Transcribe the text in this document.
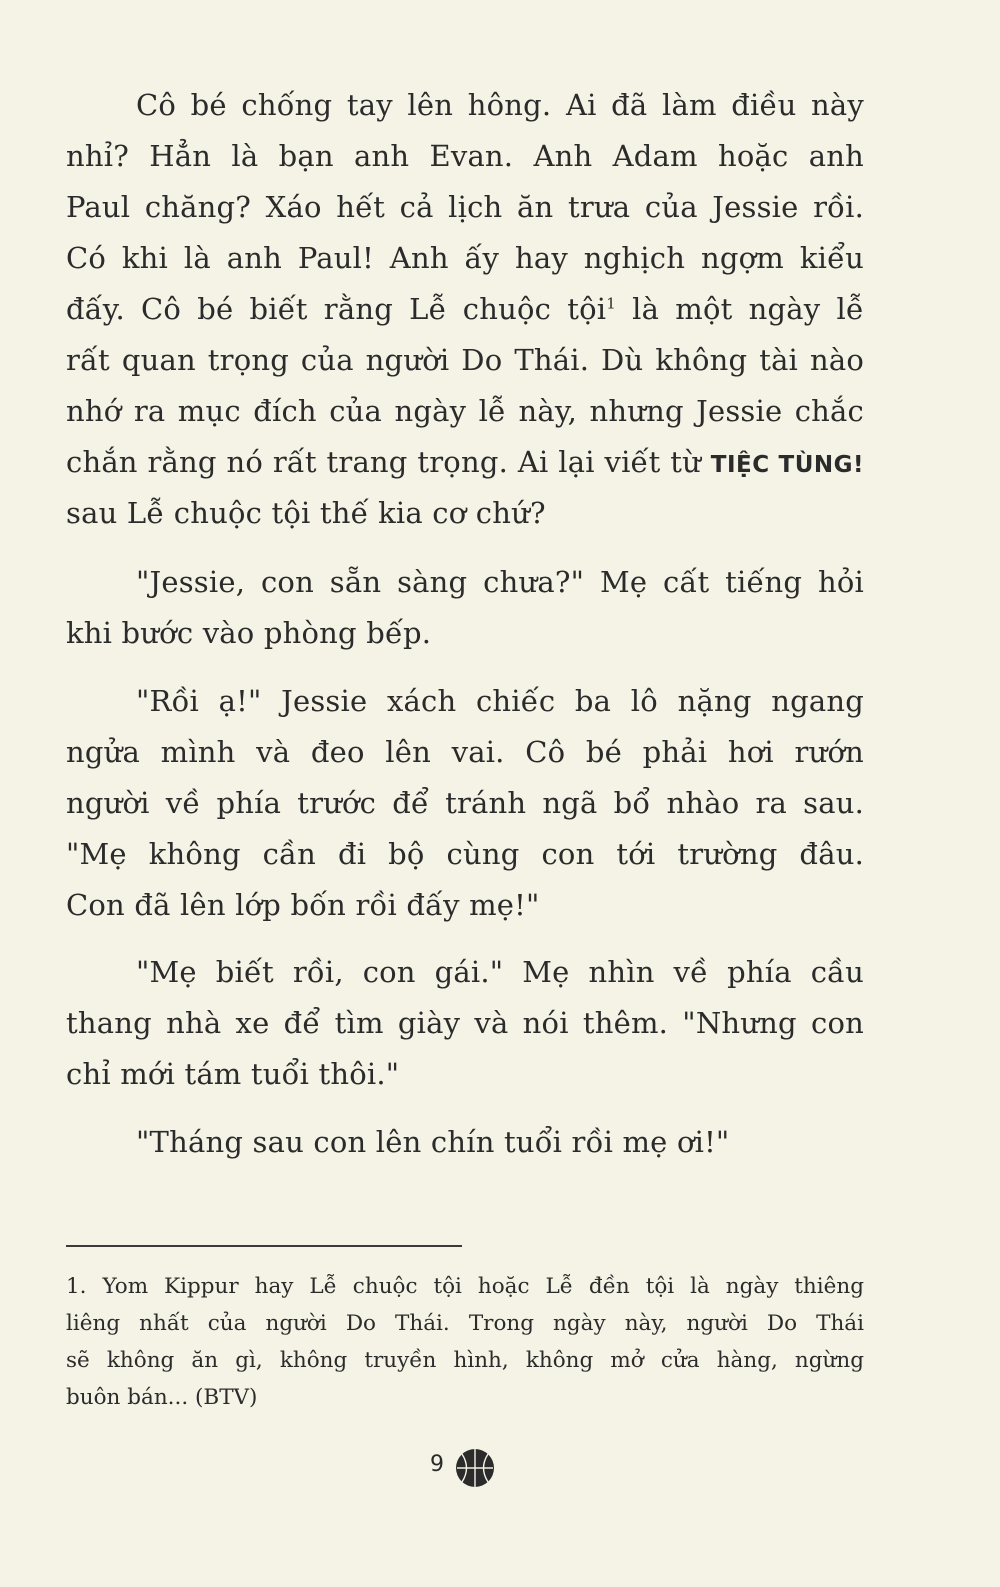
Cô bé chống tay lên hông. Ai đã làm điều này
nhỉ? Hẳn là bạn anh Evan. Anh Adam hoặc anh
Paul chăng? Xáo hết cả lịch ăn trưa của Jessie rồi.
Có khi là anh Paul! Anh ấy hay nghịch ngợm kiểu
đấy. Cô bé biết rằng Lễ chuộc tội$^1$ là một ngày lễ
rất quan trọng của người Do Thái. Dù không tài nào
nhớ ra mục đích của ngày lễ này, nhưng Jessie chắc
chắn rằng nó rất trang trọng. Ai lại viết từ TIỆC TÙNG!
sau Lễ chuộc tội thế kia cơ chứ?
"Jessie, con sẵn sàng chưa?" Mẹ cất tiếng hỏi
khi bước vào phòng bếp.
"Rồi ạ!" Jessie xách chiếc ba lô nặng ngang
ngửa mình và đeo lên vai. Cô bé phải hơi rướn
người về phía trước để tránh ngã bổ nhào ra sau.
"Mẹ không cần đi bộ cùng con tới trường đâu.
Con đã lên lớp bốn rồi đấy mẹ!"
"Mẹ biết rồi, con gái." Mẹ nhìn về phía cầu
thang nhà xe để tìm giày và nói thêm. "Nhưng con
chỉ mới tám tuổi thôi."
"Tháng sau con lên chín tuổi rồi mẹ ơi!"
1. Yom Kippur hay Lễ chuộc tội hoặc Lễ đền tội là ngày thiêng
liêng nhất của người Do Thái. Trong ngày này, người Do Thái
sẽ không ăn gì, không truyền hình, không mở cửa hàng, ngừng
buôn bán... (BTV)
9
